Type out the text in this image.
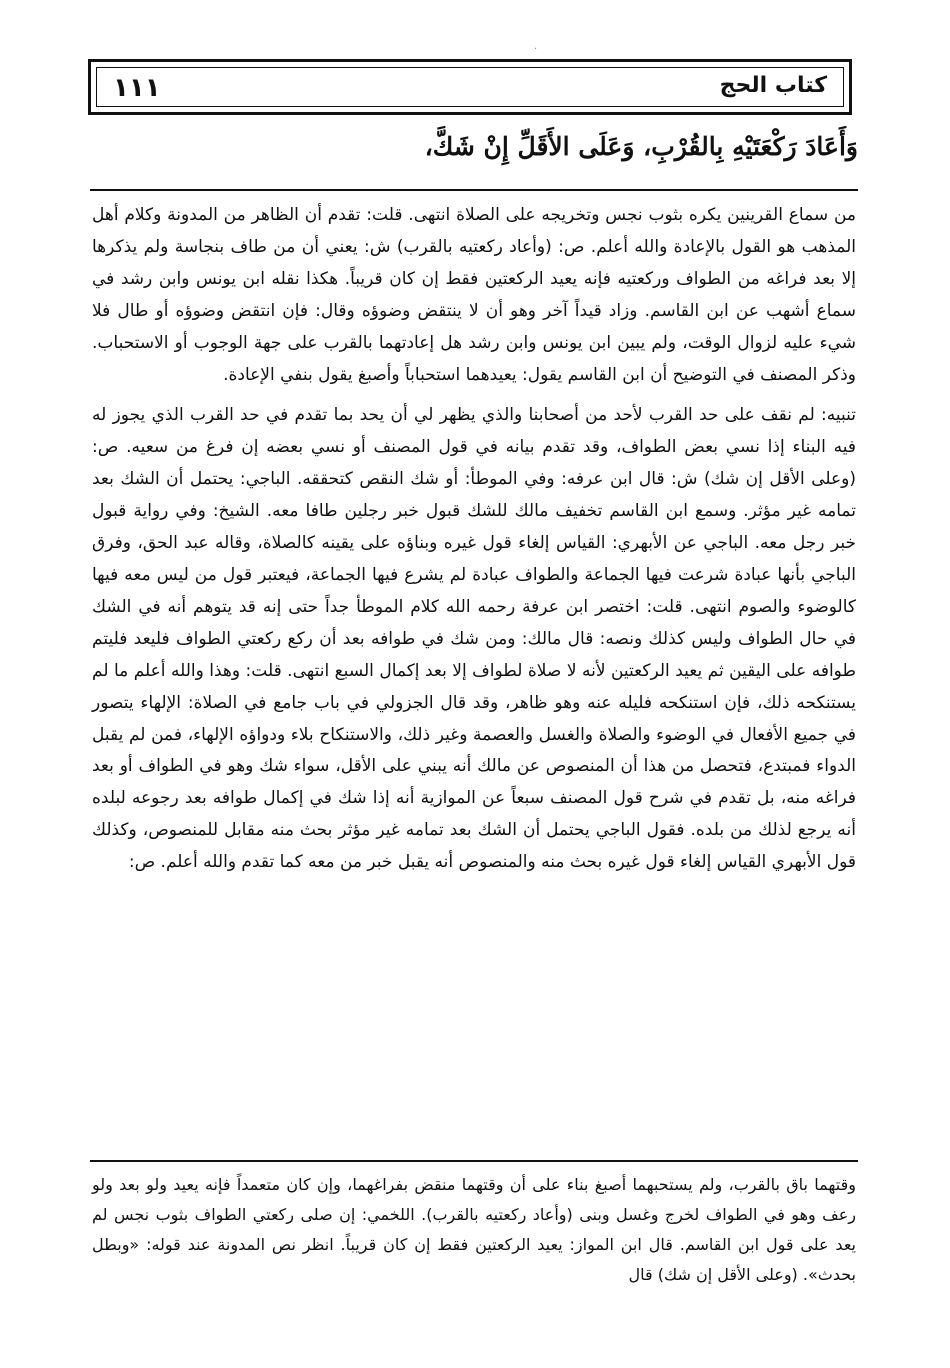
·
١١١	كتاب الحج
وَأَعَادَ رَكْعَتَيْهِ بِالقُرْبِ، وَعَلَى الأَقَلِّ إِنْ شَكَّ،

من سماع القرينين يكره بثوب نجس وتخريجه على الصلاة انتهى. قلت: تقدم أن الظاهر من المدونة وكلام أهل المذهب هو القول بالإعادة والله أعلم. ص: (وأعاد ركعتيه بالقرب) ش: يعني أن من طاف بنجاسة ولم يذكرها إلا بعد فراغه من الطواف وركعتيه فإنه يعيد الركعتين فقط إن كان قريباً. هكذا نقله ابن يونس وابن رشد في سماع أشهب عن ابن القاسم. وزاد قيداً آخر وهو أن لا ينتقض وضوؤه وقال: فإن انتقض وضوؤه أو طال فلا شيء عليه لزوال الوقت، ولم يبين ابن يونس وابن رشد هل إعادتهما بالقرب على جهة الوجوب أو الاستحباب. وذكر المصنف في التوضيح أن ابن القاسم يقول: يعيدهما استحباباً وأصبغ يقول بنفي الإعادة.

تنبيه: لم نقف على حد القرب لأحد من أصحابنا والذي يظهر لي أن يحد بما تقدم في حد القرب الذي يجوز له فيه البناء إذا نسي بعض الطواف، وقد تقدم بيانه في قول المصنف أو نسي بعضه إن فرغ من سعيه. ص: (وعلى الأقل إن شك) ش: قال ابن عرفه: وفي الموطأ: أو شك النقص كتحققه. الباجي: يحتمل أن الشك بعد تمامه غير مؤثر. وسمع ابن القاسم تخفيف مالك للشك قبول خبر رجلين طافا معه. الشيخ: وفي رواية قبول خبر رجل معه. الباجي عن الأبهري: القياس إلغاء قول غيره وبناؤه على يقينه كالصلاة، وقاله عبد الحق، وفرق الباجي بأنها عبادة شرعت فيها الجماعة والطواف عبادة لم يشرع فيها الجماعة، فيعتبر قول من ليس معه فيها كالوضوء والصوم انتهى. قلت: اختصر ابن عرفة رحمه الله كلام الموطأ جداً حتى إنه قد يتوهم أنه في الشك في حال الطواف وليس كذلك ونصه: قال مالك: ومن شك في طوافه بعد أن ركع ركعتي الطواف فليعد فليتم طوافه على اليقين ثم يعيد الركعتين لأنه لا صلاة لطواف إلا بعد إكمال السبع انتهى. قلت: وهذا والله أعلم ما لم يستنكحه ذلك، فإن استنكحه فليله عنه وهو ظاهر، وقد قال الجزولي في باب جامع في الصلاة: الإلهاء يتصور في جميع الأفعال في الوضوء والصلاة والغسل والعصمة وغير ذلك، والاستنكاح بلاء ودواؤه الإلهاء، فمن لم يقبل الدواء فمبتدع، فتحصل من هذا أن المنصوص عن مالك أنه يبني على الأقل، سواء شك وهو في الطواف أو بعد فراغه منه، بل تقدم في شرح قول المصنف سبعاً عن الموازية أنه إذا شك في إكمال طوافه بعد رجوعه لبلده أنه يرجع لذلك من بلده. فقول الباجي يحتمل أن الشك بعد تمامه غير مؤثر بحث منه مقابل للمنصوص، وكذلك قول الأبهري القياس إلغاء قول غيره بحث منه والمنصوص أنه يقبل خبر من معه كما تقدم والله أعلم. ص:

وقتهما باق بالقرب، ولم يستحبهما أصبغ بناء على أن وقتهما منقض بفراغهما، وإن كان متعمداً فإنه يعيد ولو بعد ولو رعف وهو في الطواف لخرج وغسل وبنى (وأعاد ركعتيه بالقرب). اللخمي: إن صلى ركعتي الطواف بثوب نجس لم يعد على قول ابن القاسم. قال ابن المواز: يعيد الركعتين فقط إن كان قريباً. انظر نص المدونة عند قوله: «وبطل بحدث». (وعلى الأقل إن شك) قال
